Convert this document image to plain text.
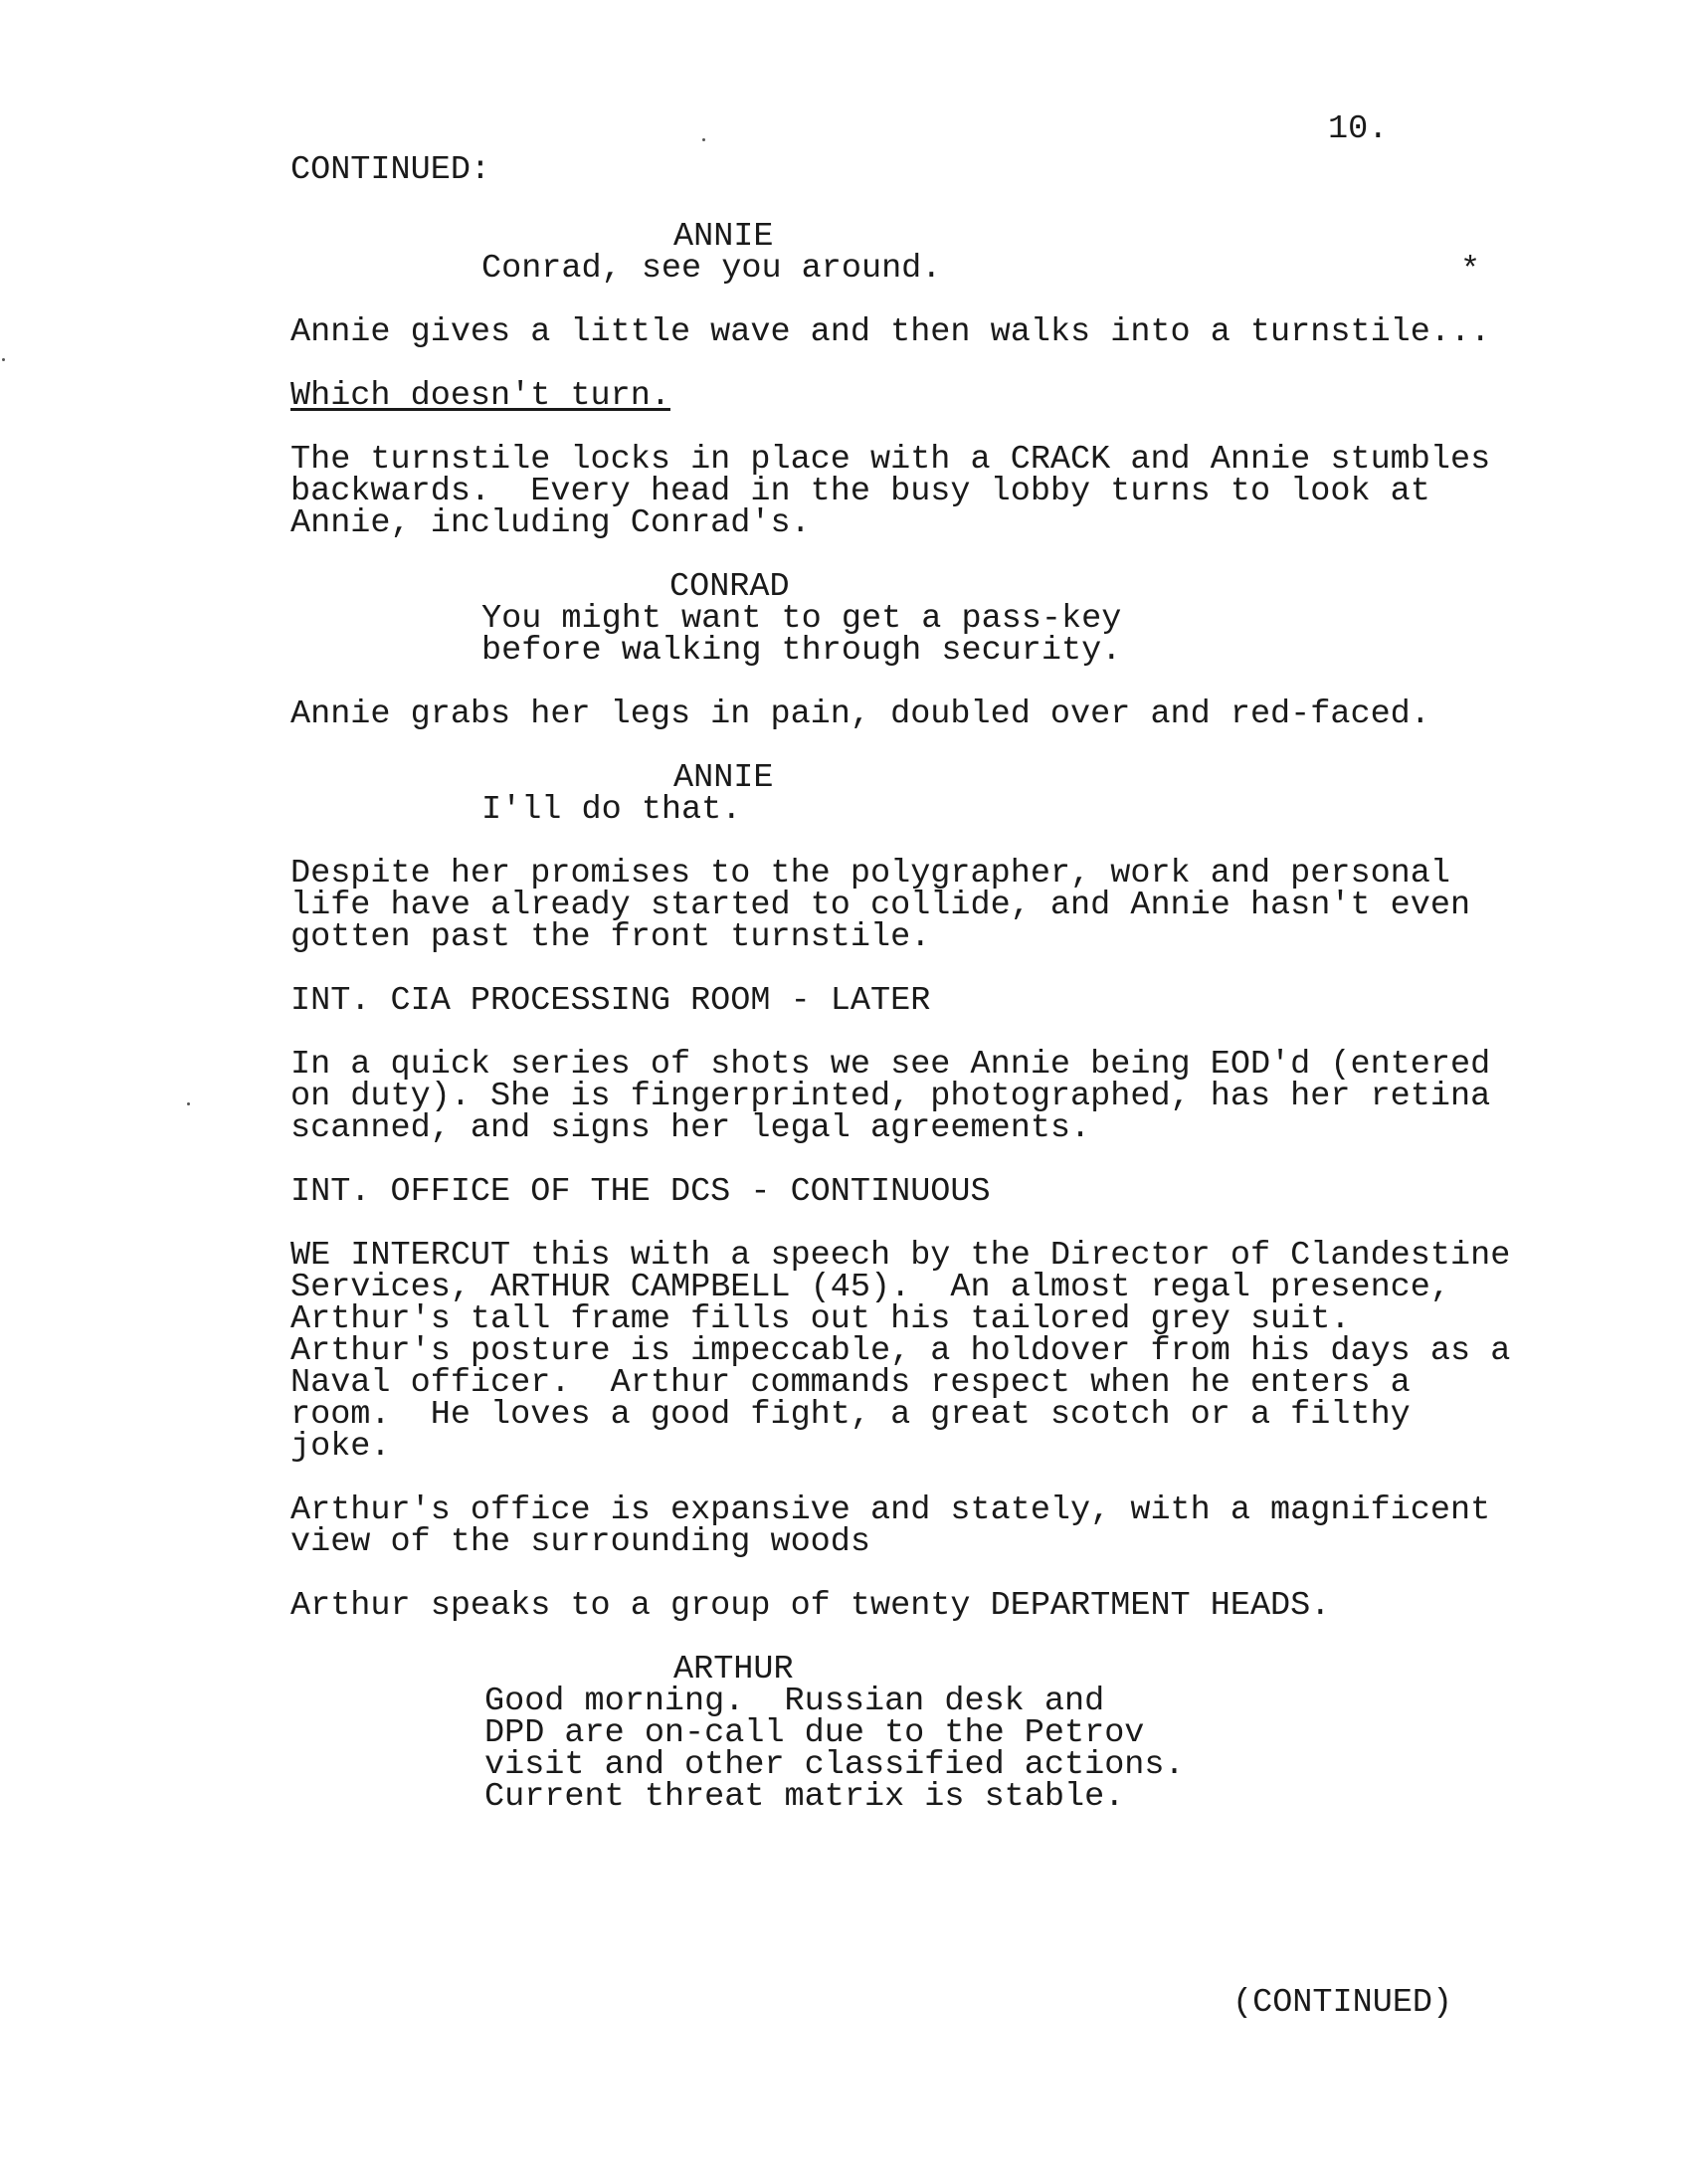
10.
CONTINUED:
ANNIE
Conrad, see you around.	*
Annie gives a little wave and then walks into a turnstile...
Which doesn't turn.
The turnstile locks in place with a CRACK and Annie stumbles
backwards.  Every head in the busy lobby turns to look at
Annie, including Conrad's.
CONRAD
You might want to get a pass-key
before walking through security.
Annie grabs her legs in pain, doubled over and red-faced.
ANNIE
I'll do that.
Despite her promises to the polygrapher, work and personal
life have already started to collide, and Annie hasn't even
gotten past the front turnstile.
INT. CIA PROCESSING ROOM - LATER
In a quick series of shots we see Annie being EOD'd (entered
on duty). She is fingerprinted, photographed, has her retina
scanned, and signs her legal agreements.
INT. OFFICE OF THE DCS - CONTINUOUS
WE INTERCUT this with a speech by the Director of Clandestine
Services, ARTHUR CAMPBELL (45).  An almost regal presence,
Arthur's tall frame fills out his tailored grey suit.
Arthur's posture is impeccable, a holdover from his days as a
Naval officer.  Arthur commands respect when he enters a
room.  He loves a good fight, a great scotch or a filthy
joke.
Arthur's office is expansive and stately, with a magnificent
view of the surrounding woods
Arthur speaks to a group of twenty DEPARTMENT HEADS.
ARTHUR
Good morning.  Russian desk and
DPD are on-call due to the Petrov
visit and other classified actions.
Current threat matrix is stable.
(CONTINUED)
